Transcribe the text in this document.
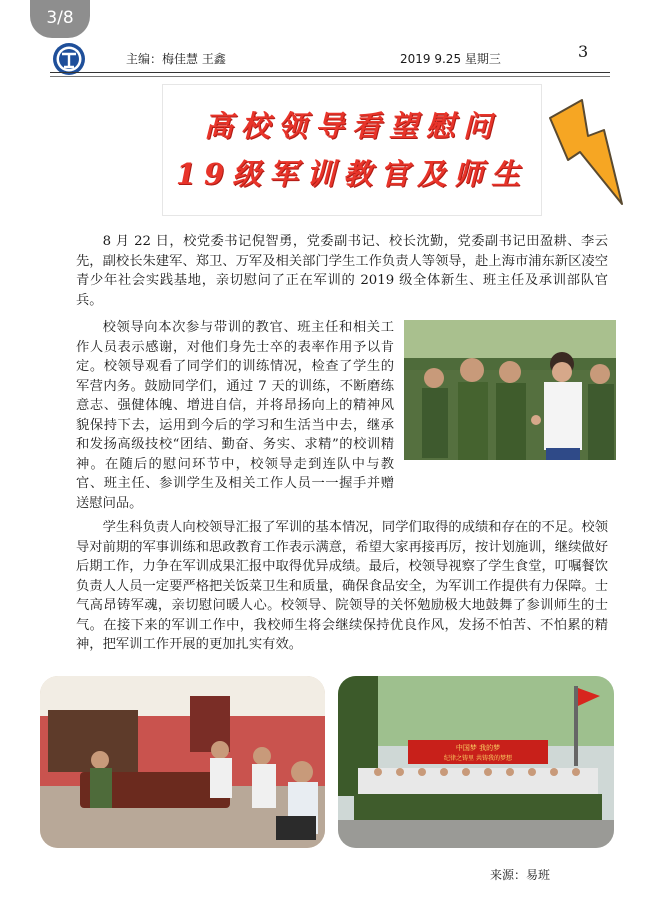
3/8
主编：梅佳慧 王鑫	2019 9.25 星期三	3
高校领导看望慰问
19级军训教官及师生

8 月 22 日，校党委书记倪智勇，党委副书记、校长沈勤，党委副书记田盈耕、李云先，副校长朱建军、郑卫、万军及相关部门学生工作负责人等领导，赴上海市浦东新区凌空青少年社会实践基地，亲切慰问了正在军训的 2019 级全体新生、班主任及承训部队官兵。

校领导向本次参与带训的教官、班主任和相关工作人员表示感谢，对他们身先士卒的表率作用予以肯定。校领导观看了同学们的训练情况，检查了学生的军营内务。鼓励同学们，通过 7 天的训练，不断磨练意志、强健体魄、增进自信，并将昂扬向上的精神风貌保持下去，运用到今后的学习和生活当中去，继承和发扬高级技校“团结、勤奋、务实、求精”的校训精神。在随后的慰问环节中，校领导走到连队中与教官、班主任、参训学生及相关工作人员一一握手并赠送慰问品。

学生科负责人向校领导汇报了军训的基本情况，同学们取得的成绩和存在的不足。校领导对前期的军事训练和思政教育工作表示满意，希望大家再接再厉，按计划施训，继续做好后期工作，力争在军训成果汇报中取得优异成绩。最后，校领导视察了学生食堂，叮嘱餐饮负责人人员一定要严格把关饭菜卫生和质量，确保食品安全，为军训工作提供有力保障。士气高昂铸军魂，亲切慰问暖人心。校领导、院领导的关怀勉励极大地鼓舞了参训师生的士气。在接下来的军训工作中，我校师生将会继续保持优良作风，发扬不怕苦、不怕累的精神，把军训工作开展的更加扎实有效。

中国梦 我的梦
纪律之铸里 共铸我的梦想
来源：易班
